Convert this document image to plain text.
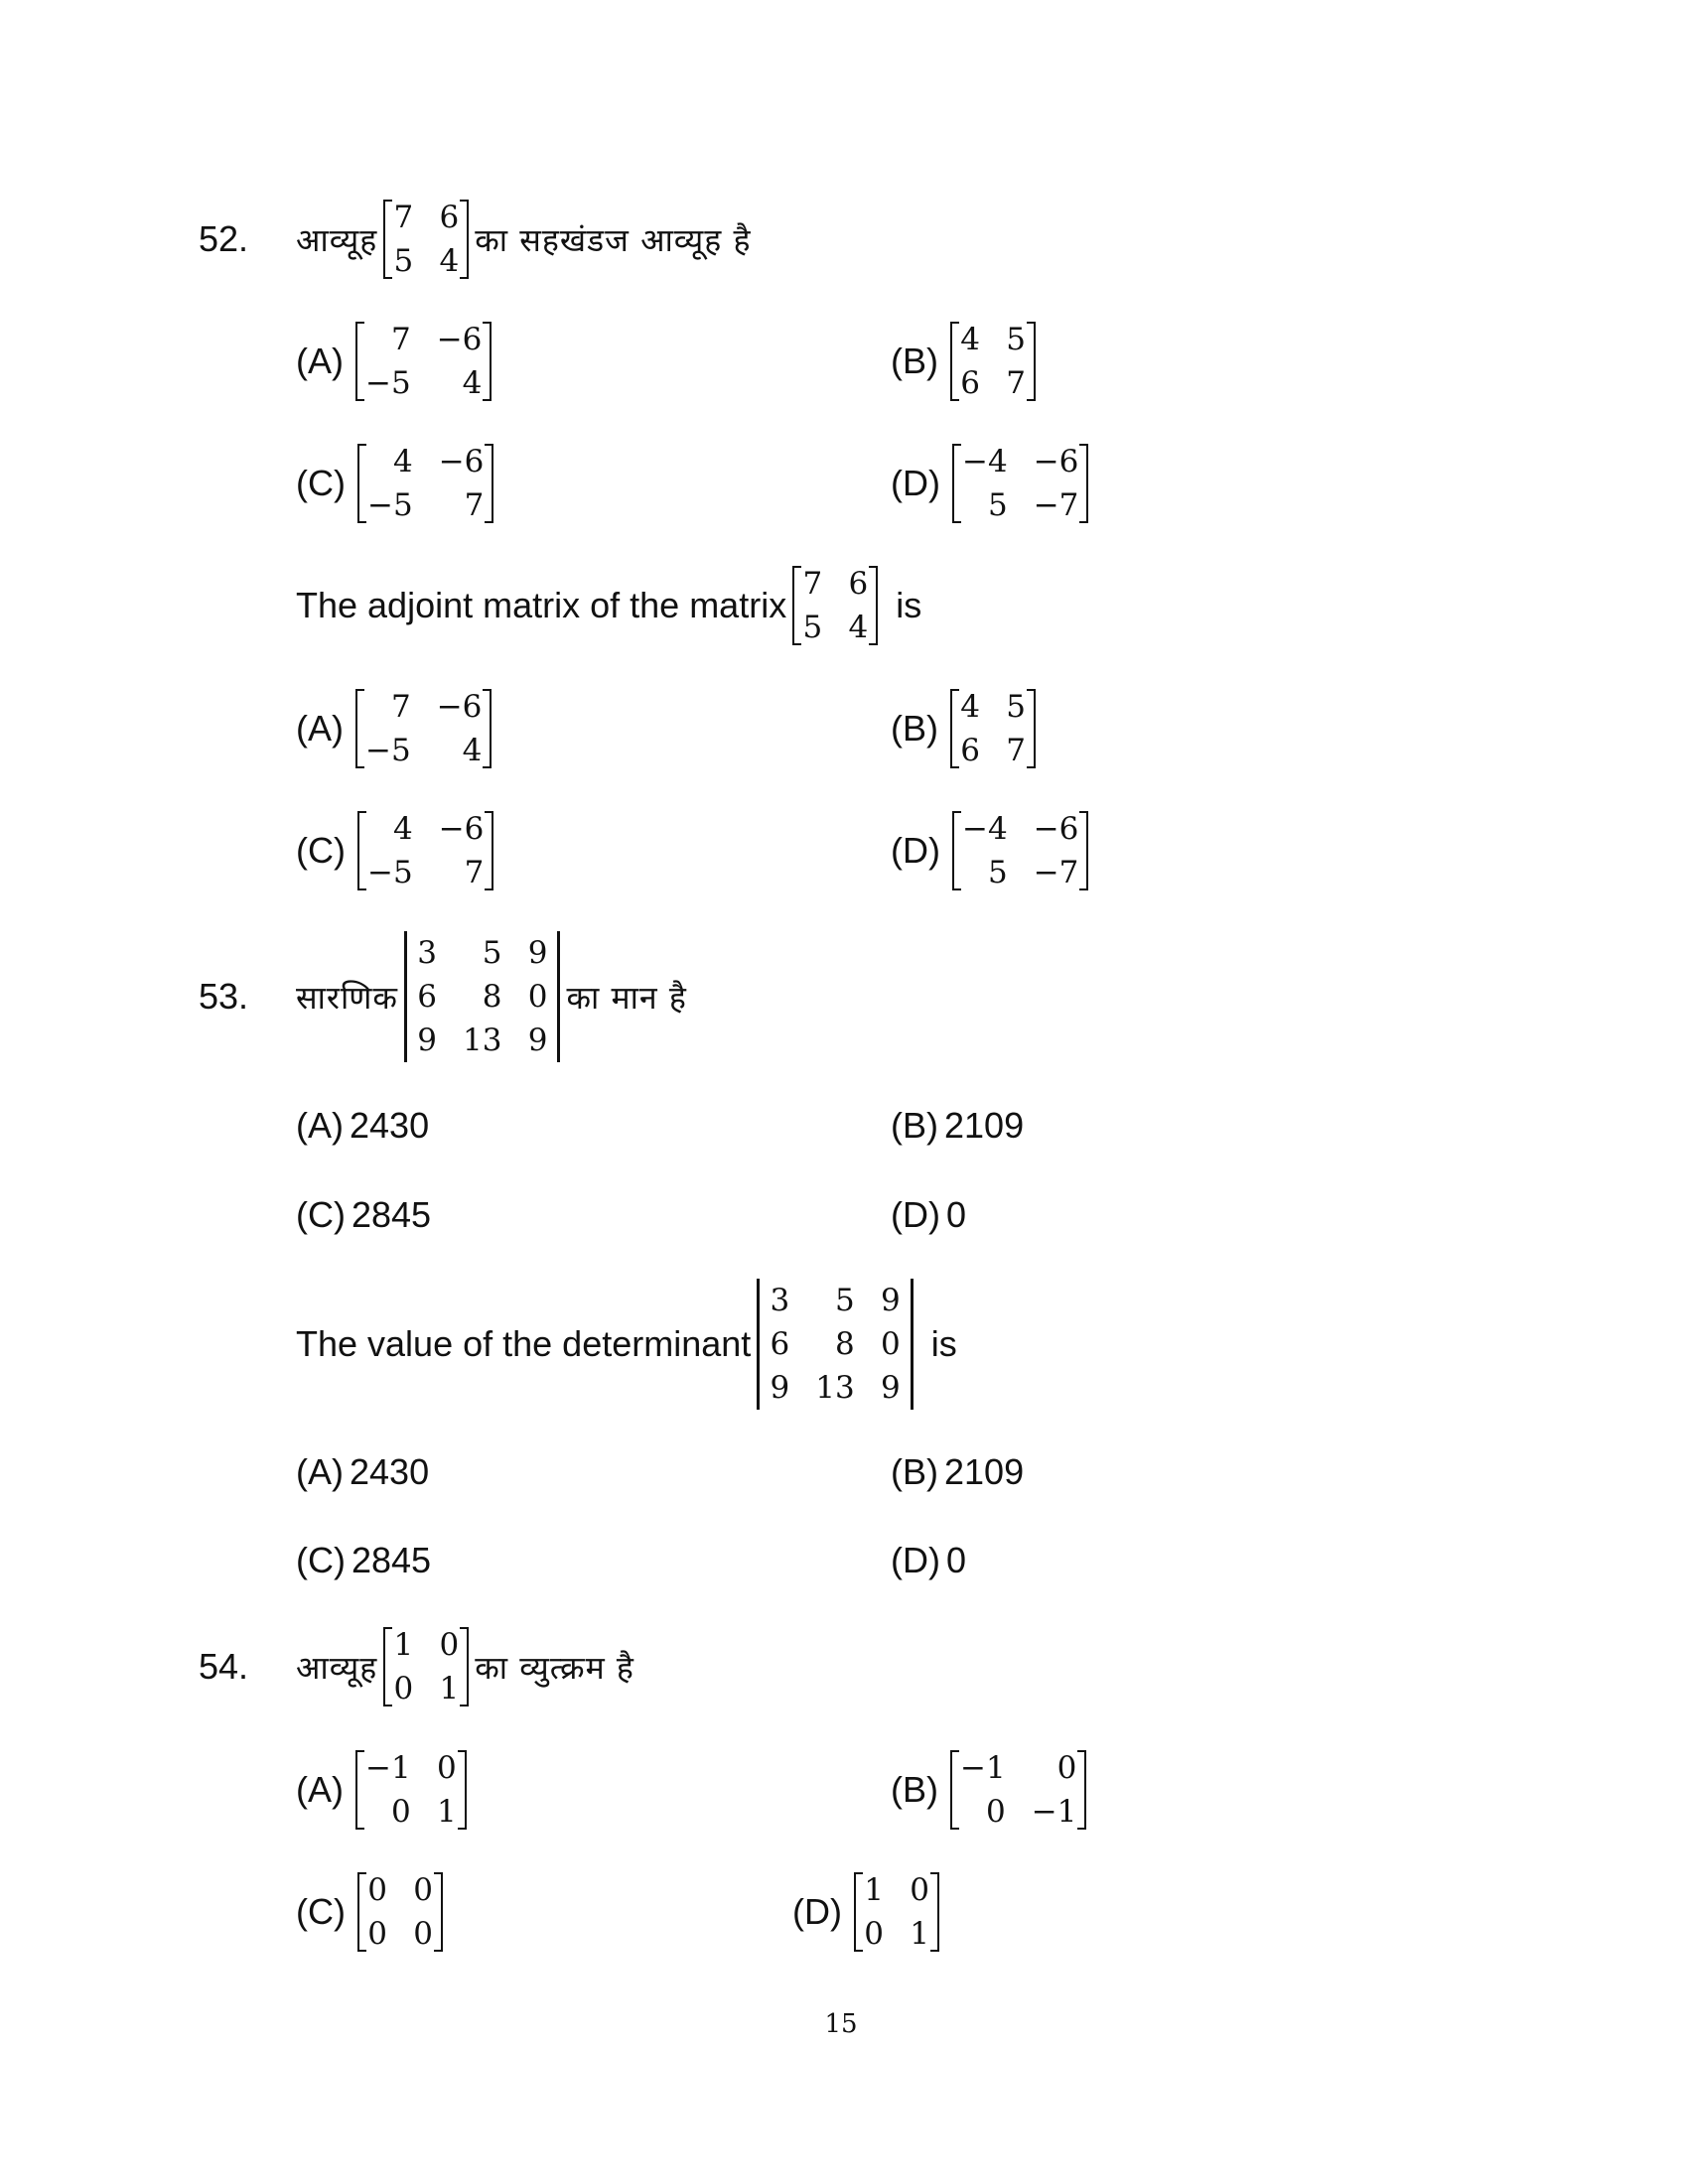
52. आव्यूह
7 6
5 4
का सहखंडज आव्यूह है
(A)
7 −6
−5	4
(B)
4 5
6 7
(C)
4 −6
−5	7
(D)
−4 −6
5 −7
The adjoint matrix of the matrix
7 6
5 4
is
(A)
7 −6
−5	4
(B)
4 5
6 7
(C)
4 −6
−5	7
(D)
−4 −6
5 −7
53. सारणिक
3	5 9
6	8 0
9 13 9
का मान है
(A) 2430	(B) 2109
(C) 2845	(D) 0
The value of the determinant
3	5 9
6	8 0
9 13 9
is
(A) 2430	(B) 2109
(C) 2845	(D) 0
54. आव्यूह
1 0
0 1
का व्युत्क्रम है
(A)
−1 0
0 1
(B)
−1	0
0 −1
(C)
0 0
0 0
(D)
1 0
0 1
15
